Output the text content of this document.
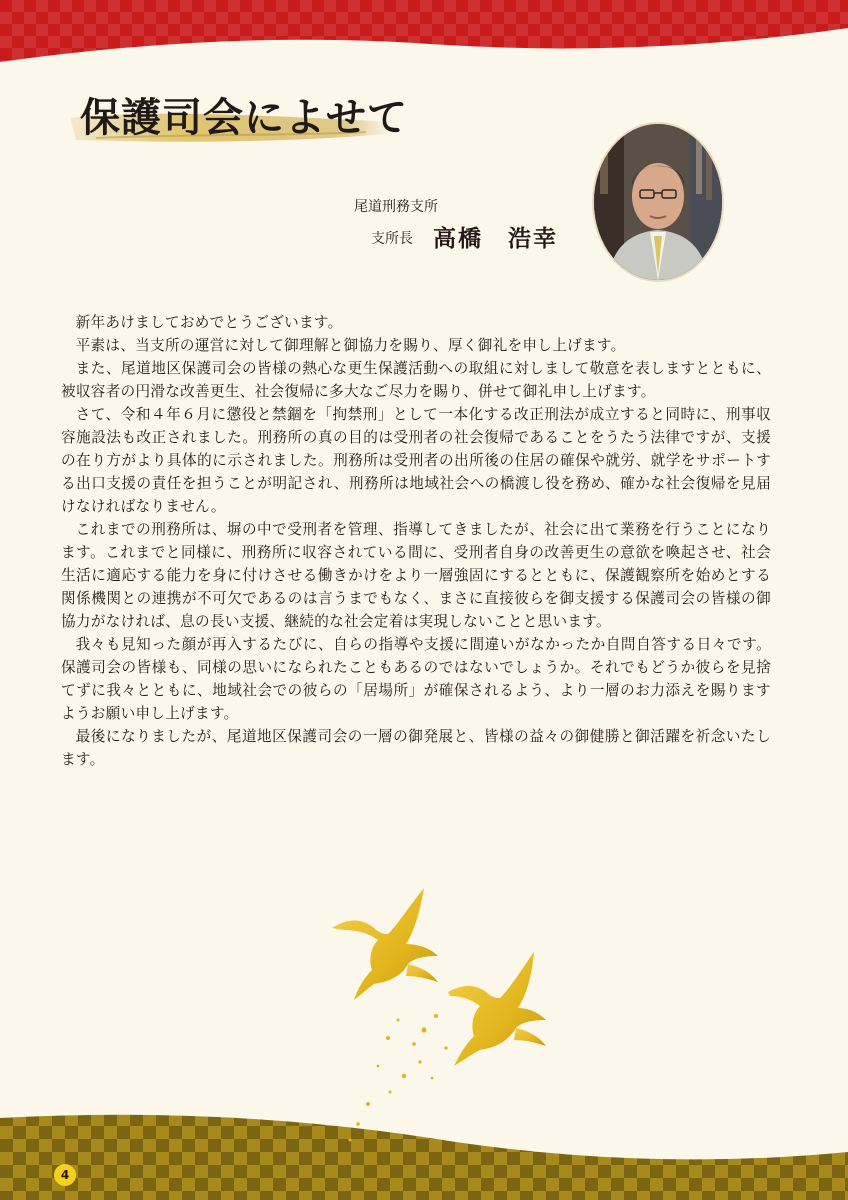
保護司会によせて
尾道刑務支所
支所長 高橋　浩幸

新年あけましておめでとうございます。

平素は、当支所の運営に対して御理解と御協力を賜り、厚く御礼を申し上げます。

また、尾道地区保護司会の皆様の熱心な更生保護活動への取組に対しまして敬意を表しますとともに、被収容者の円滑な改善更生、社会復帰に多大なご尽力を賜り、併せて御礼申し上げます。

さて、令和４年６月に懲役と禁錮を「拘禁刑」として一本化する改正刑法が成立すると同時に、刑事収容施設法も改正されました。刑務所の真の目的は受刑者の社会復帰であることをうたう法律ですが、支援の在り方がより具体的に示されました。刑務所は受刑者の出所後の住居の確保や就労、就学をサポートする出口支援の責任を担うことが明記され、刑務所は地域社会への橋渡し役を務め、確かな社会復帰を見届けなければなりません。

これまでの刑務所は、塀の中で受刑者を管理、指導してきましたが、社会に出て業務を行うことになります。これまでと同様に、刑務所に収容されている間に、受刑者自身の改善更生の意欲を喚起させ、社会生活に適応する能力を身に付けさせる働きかけをより一層強固にするとともに、保護観察所を始めとする関係機関との連携が不可欠であるのは言うまでもなく、まさに直接彼らを御支援する保護司会の皆様の御協力がなければ、息の長い支援、継続的な社会定着は実現しないことと思います。

我々も見知った顔が再入するたびに、自らの指導や支援に間違いがなかったか自問自答する日々です。保護司会の皆様も、同様の思いになられたこともあるのではないでしょうか。それでもどうか彼らを見捨てずに我々とともに、地域社会での彼らの「居場所」が確保されるよう、より一層のお力添えを賜りますようお願い申し上げます。

最後になりましたが、尾道地区保護司会の一層の御発展と、皆様の益々の御健勝と御活躍を祈念いたします。

4
